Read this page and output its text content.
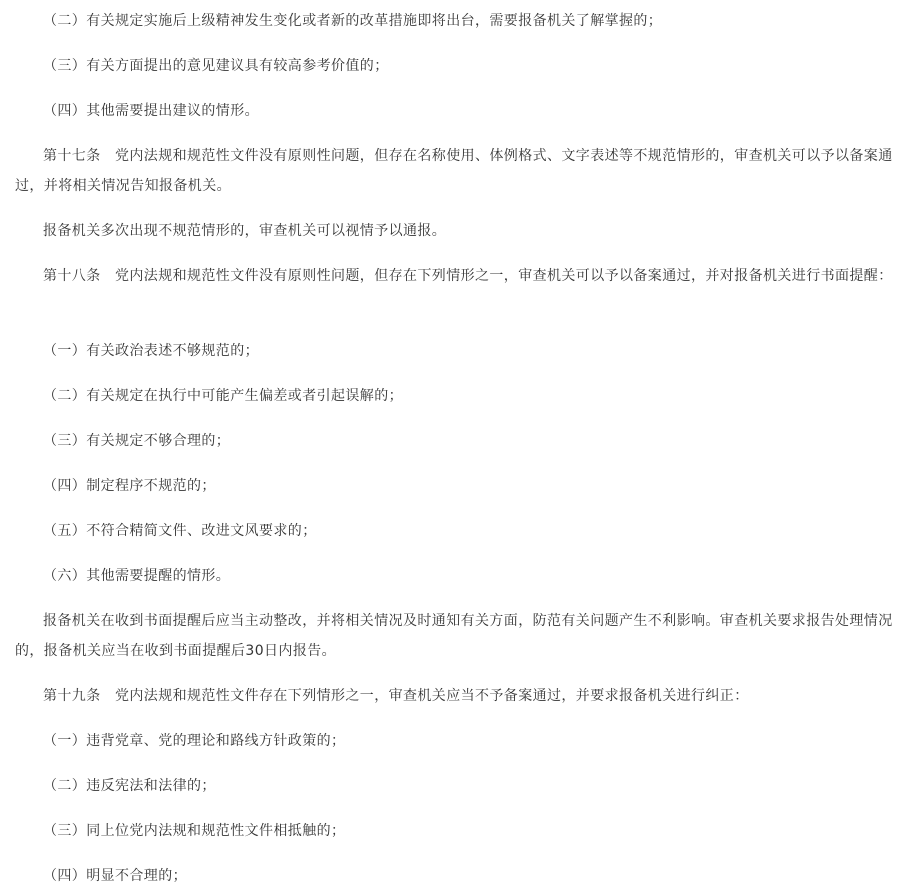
（二）有关规定实施后上级精神发生变化或者新的改革措施即将出台，需要报备机关了解掌握的；

（三）有关方面提出的意见建议具有较高参考价值的；

（四）其他需要提出建议的情形。

第十七条　党内法规和规范性文件没有原则性问题，但存在名称使用、体例格式、文字表述等不规范情形的，审查机关可以予以备案通过，并将相关情况告知报备机关。

报备机关多次出现不规范情形的，审查机关可以视情予以通报。

第十八条　党内法规和规范性文件没有原则性问题，但存在下列情形之一，审查机关可以予以备案通过，并对报备机关进行书面提醒：

（一）有关政治表述不够规范的；

（二）有关规定在执行中可能产生偏差或者引起误解的；

（三）有关规定不够合理的；

（四）制定程序不规范的；

（五）不符合精简文件、改进文风要求的；

（六）其他需要提醒的情形。

报备机关在收到书面提醒后应当主动整改，并将相关情况及时通知有关方面，防范有关问题产生不利影响。审查机关要求报告处理情况的，报备机关应当在收到书面提醒后30日内报告。

第十九条　党内法规和规范性文件存在下列情形之一，审查机关应当不予备案通过，并要求报备机关进行纠正：

（一）违背党章、党的理论和路线方针政策的；

（二）违反宪法和法律的；

（三）同上位党内法规和规范性文件相抵触的；

（四）明显不合理的；
